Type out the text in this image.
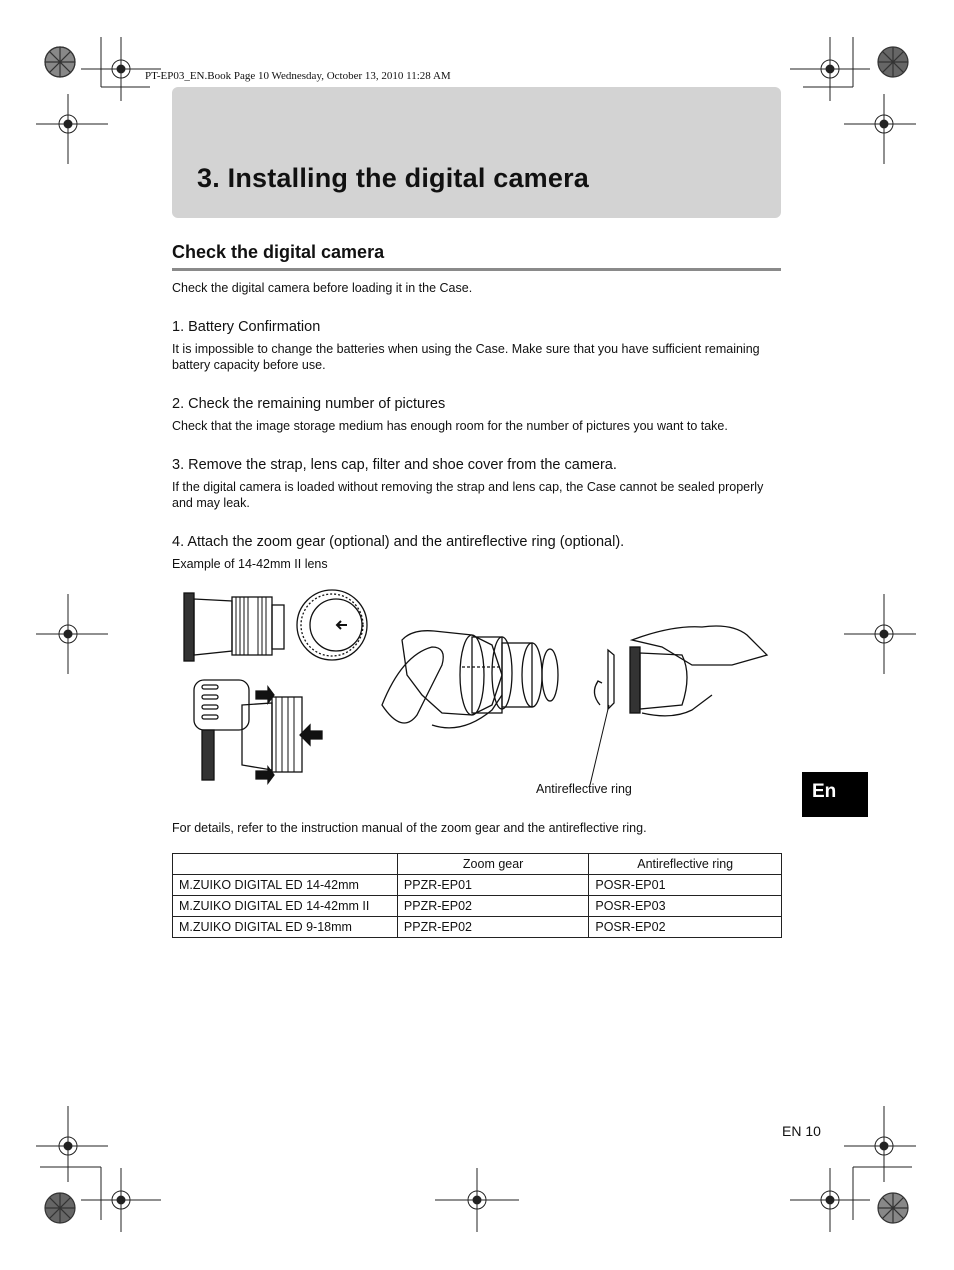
PT-EP03_EN.Book Page 10 Wednesday, October 13, 2010 11:28 AM
3. Installing the digital camera
Check the digital camera
Check the digital camera before loading it in the Case.
1. Battery Confirmation
It is impossible to change the batteries when using the Case. Make sure that you have sufficient remaining battery capacity before use.
2. Check the remaining number of pictures
Check that the image storage medium has enough room for the number of pictures you want to take.
3. Remove the strap, lens cap, filter and shoe cover from the camera.
If the digital camera is loaded without removing the strap and lens cap, the Case cannot be sealed properly and may leak.
4. Attach the zoom gear (optional) and the antireflective ring (optional).
Example of 14-42mm II lens
Antireflective ring	En
For details, refer to the instruction manual of the zoom gear and the antireflective ring.
	Zoom gear	Antireflective ring
M.ZUIKO DIGITAL ED 14-42mm	PPZR-EP01	POSR-EP01
M.ZUIKO DIGITAL ED 14-42mm II	PPZR-EP02	POSR-EP03
M.ZUIKO DIGITAL ED 9-18mm	PPZR-EP02	POSR-EP02
EN 10
